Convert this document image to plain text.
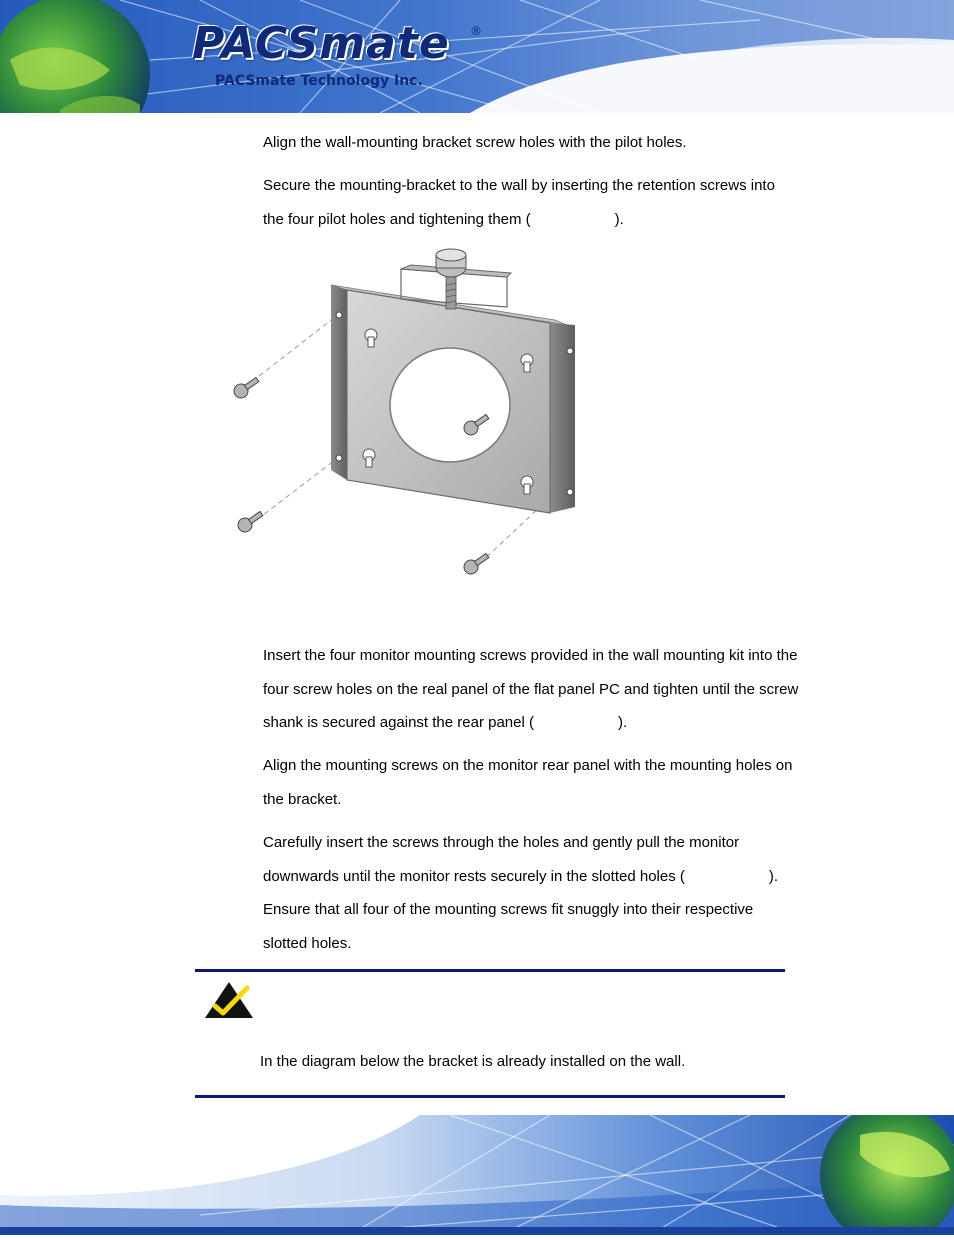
PACSmate ®
PACSmate Technology Inc.

Align the wall-mounting bracket screw holes with the pilot holes.

Secure the mounting-bracket to the wall by inserting the retention screws into
the four pilot holes and tightening them (	).

Insert the four monitor mounting screws provided in the wall mounting kit into the
four screw holes on the real panel of the flat panel PC and tighten until the screw
shank is secured against the rear panel (	).

Align the mounting screws on the monitor rear panel with the mounting holes on
the bracket.

Carefully insert the screws through the holes and gently pull the monitor
downwards until the monitor rests securely in the slotted holes (	).
Ensure that all four of the mounting screws fit snuggly into their respective
slotted holes.

In the diagram below the bracket is already installed on the wall.
